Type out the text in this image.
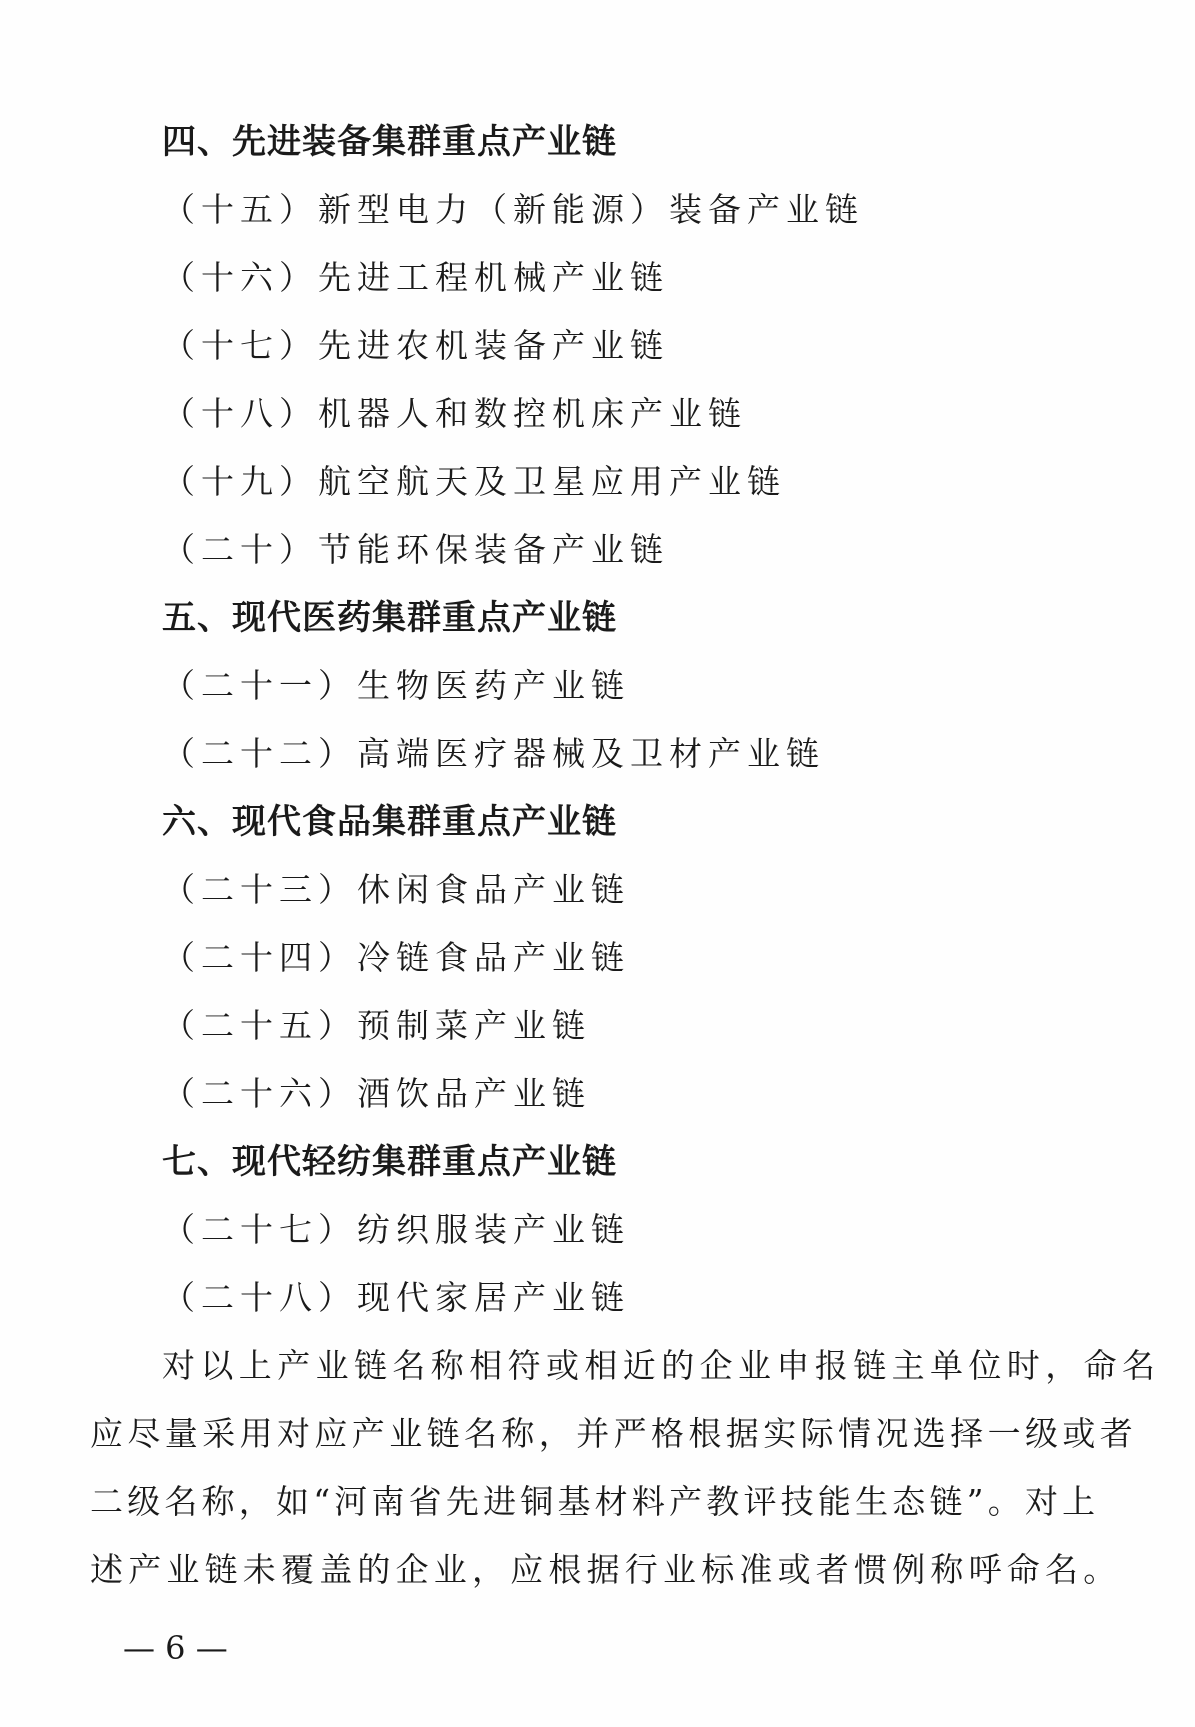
四、先进装备集群重点产业链
（十五）新型电力（新能源）装备产业链
（十六）先进工程机械产业链
（十七）先进农机装备产业链
（十八）机器人和数控机床产业链
（十九）航空航天及卫星应用产业链
（二十）节能环保装备产业链
五、现代医药集群重点产业链
（二十一）生物医药产业链
（二十二）高端医疗器械及卫材产业链
六、现代食品集群重点产业链
（二十三）休闲食品产业链
（二十四）冷链食品产业链
（二十五）预制菜产业链
（二十六）酒饮品产业链
七、现代轻纺集群重点产业链
（二十七）纺织服装产业链
（二十八）现代家居产业链
对以上产业链名称相符或相近的企业申报链主单位时，命名
应尽量采用对应产业链名称，并严格根据实际情况选择一级或者
二级名称，如“河南省先进铜基材料产教评技能生态链”。对上
述产业链未覆盖的企业，应根据行业标准或者惯例称呼命名。
— 6 —
